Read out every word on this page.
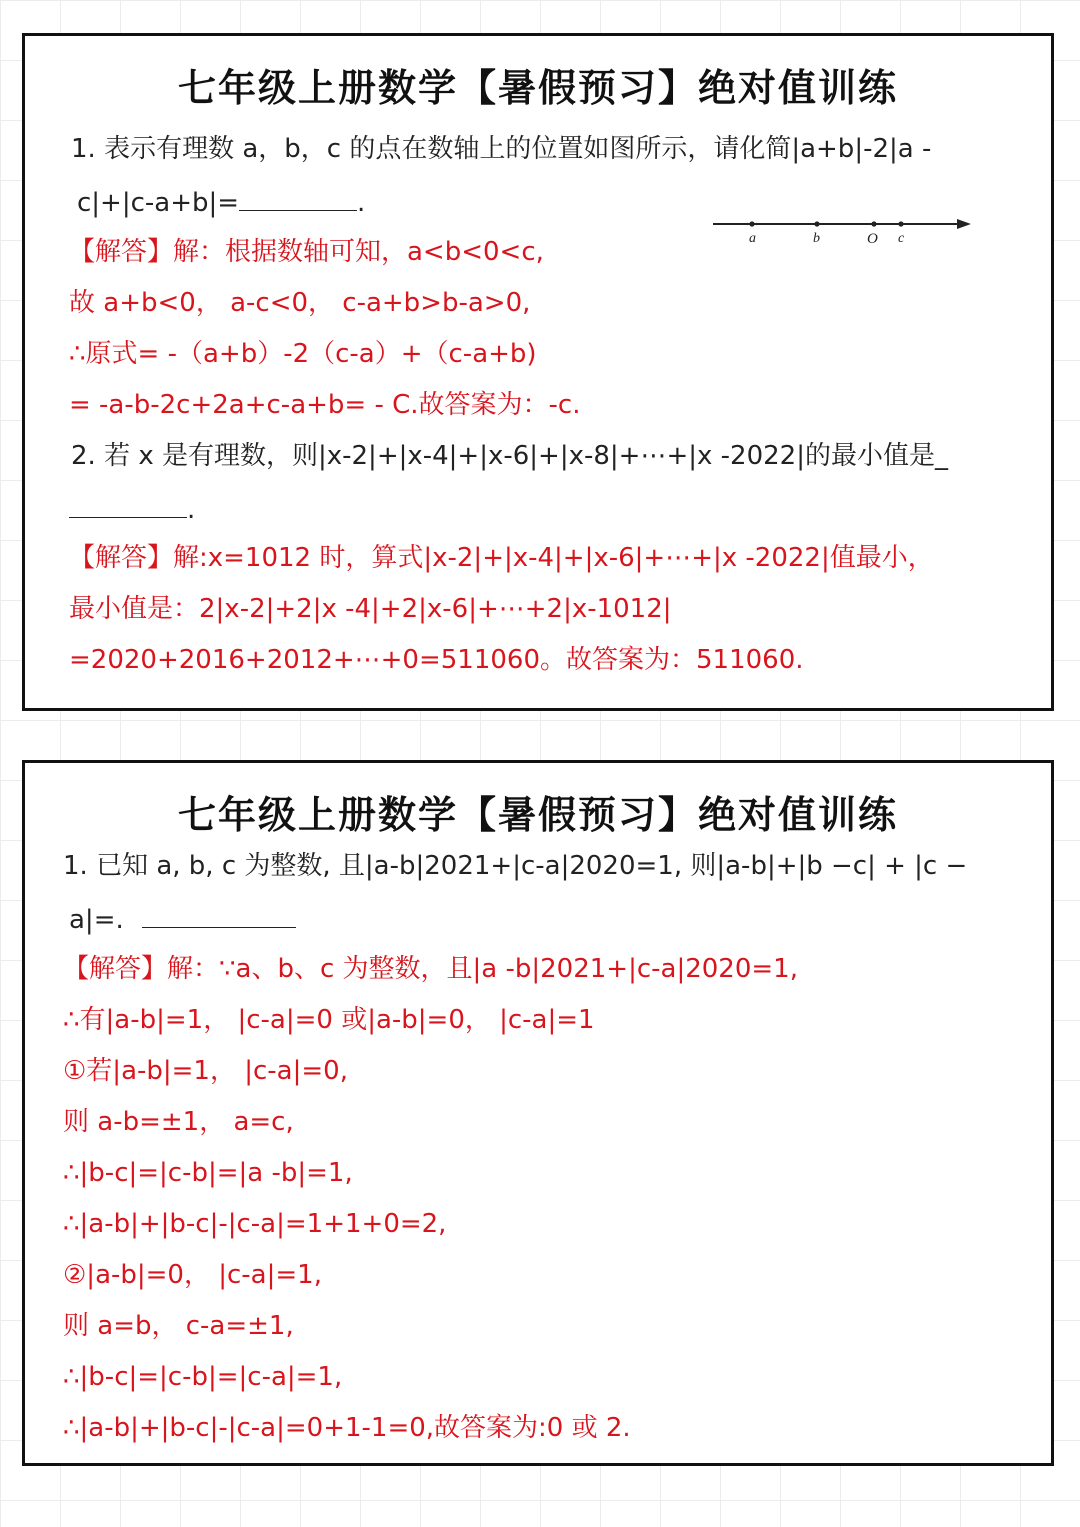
七年级上册数学【暑假预习】绝对值训练
1. 表示有理数 a，b，c 的点在数轴上的位置如图所示，请化简|a+b|-2|a -
c|+|c-a+b|=	.
a	b	O c
【解答】解：根据数轴可知，a<b<0<c,
故 a+b<0， a-c<0， c-a+b>b-a>0,
∴原式= -（a+b）-2（c-a）+（c-a+b)
= -a-b-2c+2a+c-a+b= - C.故答案为：-c.
2. 若 x 是有理数，则|x-2|+|x-4|+|x-6|+|x-8|+⋯+|x -2022|的最小值是_
.
【解答】解:x=1012 时，算式|x-2|+|x-4|+|x-6|+⋯+|x -2022|值最小，
最小值是：2|x-2|+2|x -4|+2|x-6|+⋯+2|x-1012|
=2020+2016+2012+⋯+0=511060。故答案为：511060.
七年级上册数学【暑假预习】绝对值训练
1. 已知 a, b, c 为整数, 且|a-b|2021+|c-a|2020=1, 则|a-b|+|b −c| + |c −
a|=.
【解答】解：∵a、b、c 为整数，且|a -b|2021+|c-a|2020=1,
∴有|a-b|=1， |c-a|=0 或|a-b|=0， |c-a|=1
①若|a-b|=1， |c-a|=0,
则 a-b=±1， a=c,
∴|b-c|=|c-b|=|a -b|=1,
∴|a-b|+|b-c|-|c-a|=1+1+0=2,
②|a-b|=0， |c-a|=1,
则 a=b， c-a=±1,
∴|b-c|=|c-b|=|c-a|=1,
∴|a-b|+|b-c|-|c-a|=0+1-1=0,故答案为:0 或 2.
